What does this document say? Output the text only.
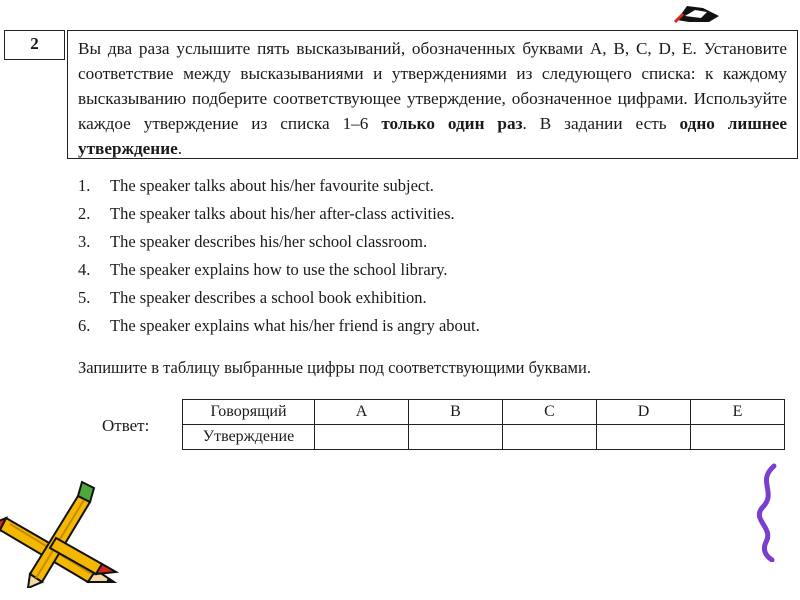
2	Вы два раза услышите пять высказываний, обозначенных буквами A, B, C, D, E. Установите соответствие между высказываниями и утверждениями из следующего списка: к каждому высказыванию подберите соответствующее утверждение, обозначенное цифрами. Используйте каждое утверждение из списка 1–6 только один раз. В задании есть одно лишнее утверждение.

1. The speaker talks about his/her favourite subject.
2. The speaker talks about his/her after-class activities.
3. The speaker describes his/her school classroom.
4. The speaker explains how to use the school library.
5. The speaker describes a school book exhibition.
6. The speaker explains what his/her friend is angry about.

Запишите в таблицу выбранные цифры под соответствующими буквами.

Ответ:
Говорящий	A	B	C	D	E
Утверждение					
